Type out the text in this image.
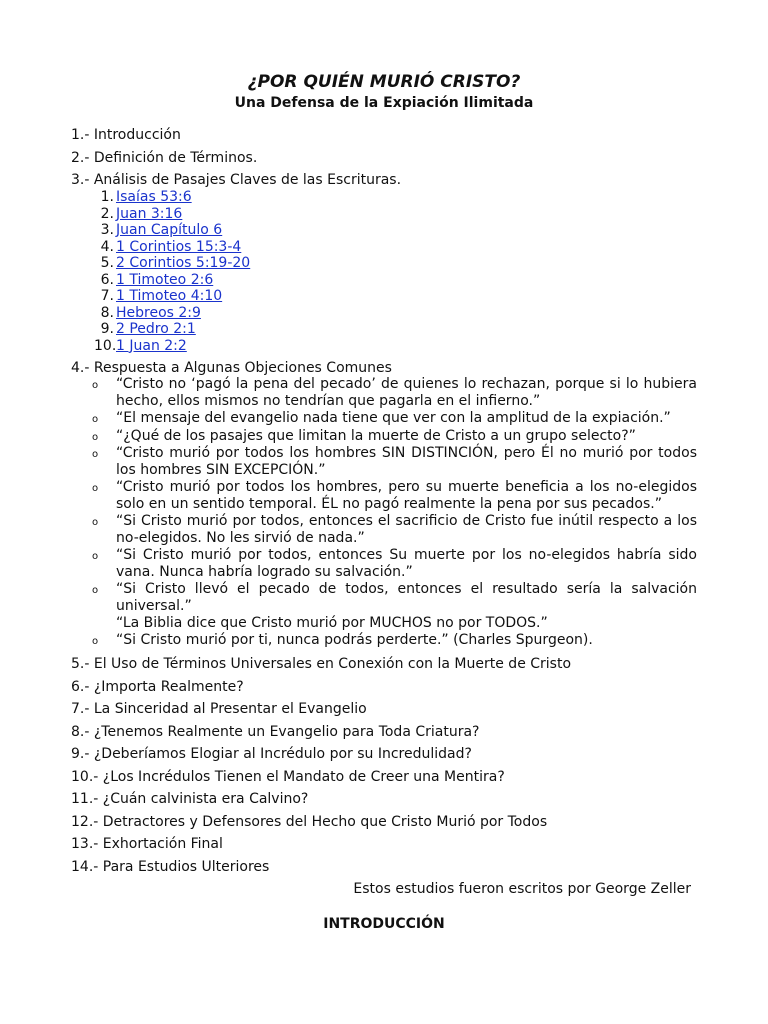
¿POR QUIÉN MURIÓ CRISTO?
Una Defensa de la Expiación Ilimitada
1.- Introducción
2.- Definición de Términos.
3.- Análisis de Pasajes Claves de las Escrituras.
1. Isaías 53:6
2. Juan 3:16
3. Juan Capítulo 6
4. 1 Corintios 15:3-4
5. 2 Corintios 5:19-20
6. 1 Timoteo 2:6
7. 1 Timoteo 4:10
8. Hebreos 2:9
9. 2 Pedro 2:1
10. 1 Juan 2:2
4.- Respuesta a Algunas Objeciones Comunes
o “Cristo no ‘pagó la pena del pecado’ de quienes lo rechazan, porque si lo hubiera hecho, ellos mismos no tendrían que pagarla en el infierno.”
o “El mensaje del evangelio nada tiene que ver con la amplitud de la expiación.”
o “¿Qué de los pasajes que limitan la muerte de Cristo a un grupo selecto?”
o “Cristo murió por todos los hombres SIN DISTINCIÓN, pero Él no murió por todos los hombres SIN EXCEPCIÓN.”
o “Cristo murió por todos los hombres, pero su muerte beneficia a los no-elegidos solo en un sentido temporal. ÉL no pagó realmente la pena por sus pecados.”
o “Si Cristo murió por todos, entonces el sacrificio de Cristo fue inútil respecto a los no-elegidos. No les sirvió de nada.”
o “Si Cristo murió por todos, entonces Su muerte por los no-elegidos habría sido vana. Nunca habría logrado su salvación.”
o “Si Cristo llevó el pecado de todos, entonces el resultado sería la salvación universal.”
“La Biblia dice que Cristo murió por MUCHOS no por TODOS.”
o “Si Cristo murió por ti, nunca podrás perderte.” (Charles Spurgeon).
5.- El Uso de Términos Universales en Conexión con la Muerte de Cristo
6.- ¿Importa Realmente?
7.- La Sinceridad al Presentar el Evangelio
8.- ¿Tenemos Realmente un Evangelio para Toda Criatura?
9.- ¿Deberíamos Elogiar al Incrédulo por su Incredulidad?
10.- ¿Los Incrédulos Tienen el Mandato de Creer una Mentira?
11.- ¿Cuán calvinista era Calvino?
12.- Detractores y Defensores del Hecho que Cristo Murió por Todos
13.- Exhortación Final
14.- Para Estudios Ulteriores
Estos estudios fueron escritos por George Zeller
INTRODUCCIÓN
